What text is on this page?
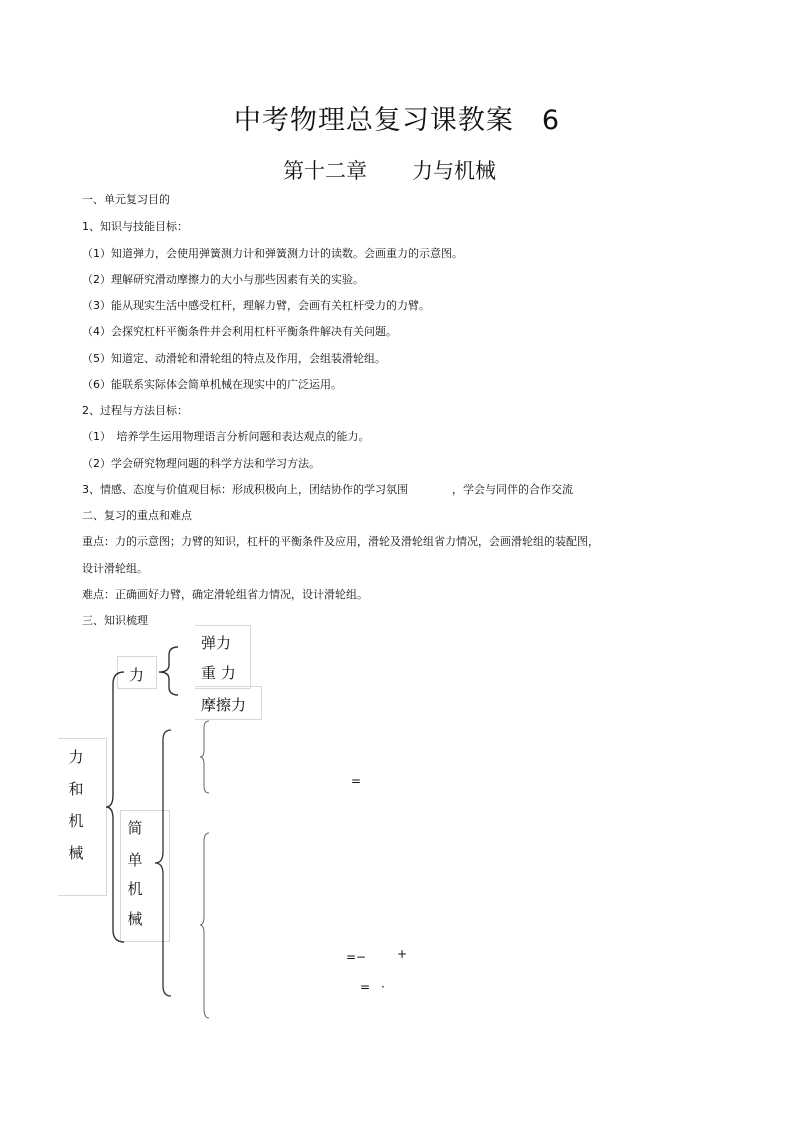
中考物理总复习课教案　6
第十二章 力与机械
一、单元复习目的
1、知识与技能目标：
（1）知道弹力，会使用弹簧测力计和弹簧测力计的读数。会画重力的示意图。
（2）理解研究滑动摩擦力的大小与那些因素有关的实验。
（3）能从现实生活中感受杠杆，理解力臂，会画有关杠杆受力的力臂。
（4）会探究杠杆平衡条件并会利用杠杆平衡条件解决有关问题。
（5）知道定、动滑轮和滑轮组的特点及作用，会组装滑轮组。
（6）能联系实际体会简单机械在现实中的广泛运用。
2、过程与方法目标：
（1）　培养学生运用物理语言分析问题和表达观点的能力。
（2）学会研究物理问题的科学方法和学习方法。
3、情感、态度与价值观目标：形成积极向上，团结协作的学习氛围　　　　，学会与同伴的合作交流
二、复习的重点和难点
重点：力的示意图；力臂的知识，杠杆的平衡条件及应用，滑轮及滑轮组省力情况，会画滑轮组的装配图，
设计滑轮组。
难点：正确画好力臂，确定滑轮组省力情况，设计滑轮组。
三、知识梳理
力
和
机
械
力
弹力
重 力
摩擦力
简
单
机
械
=
=−	+
= ·
